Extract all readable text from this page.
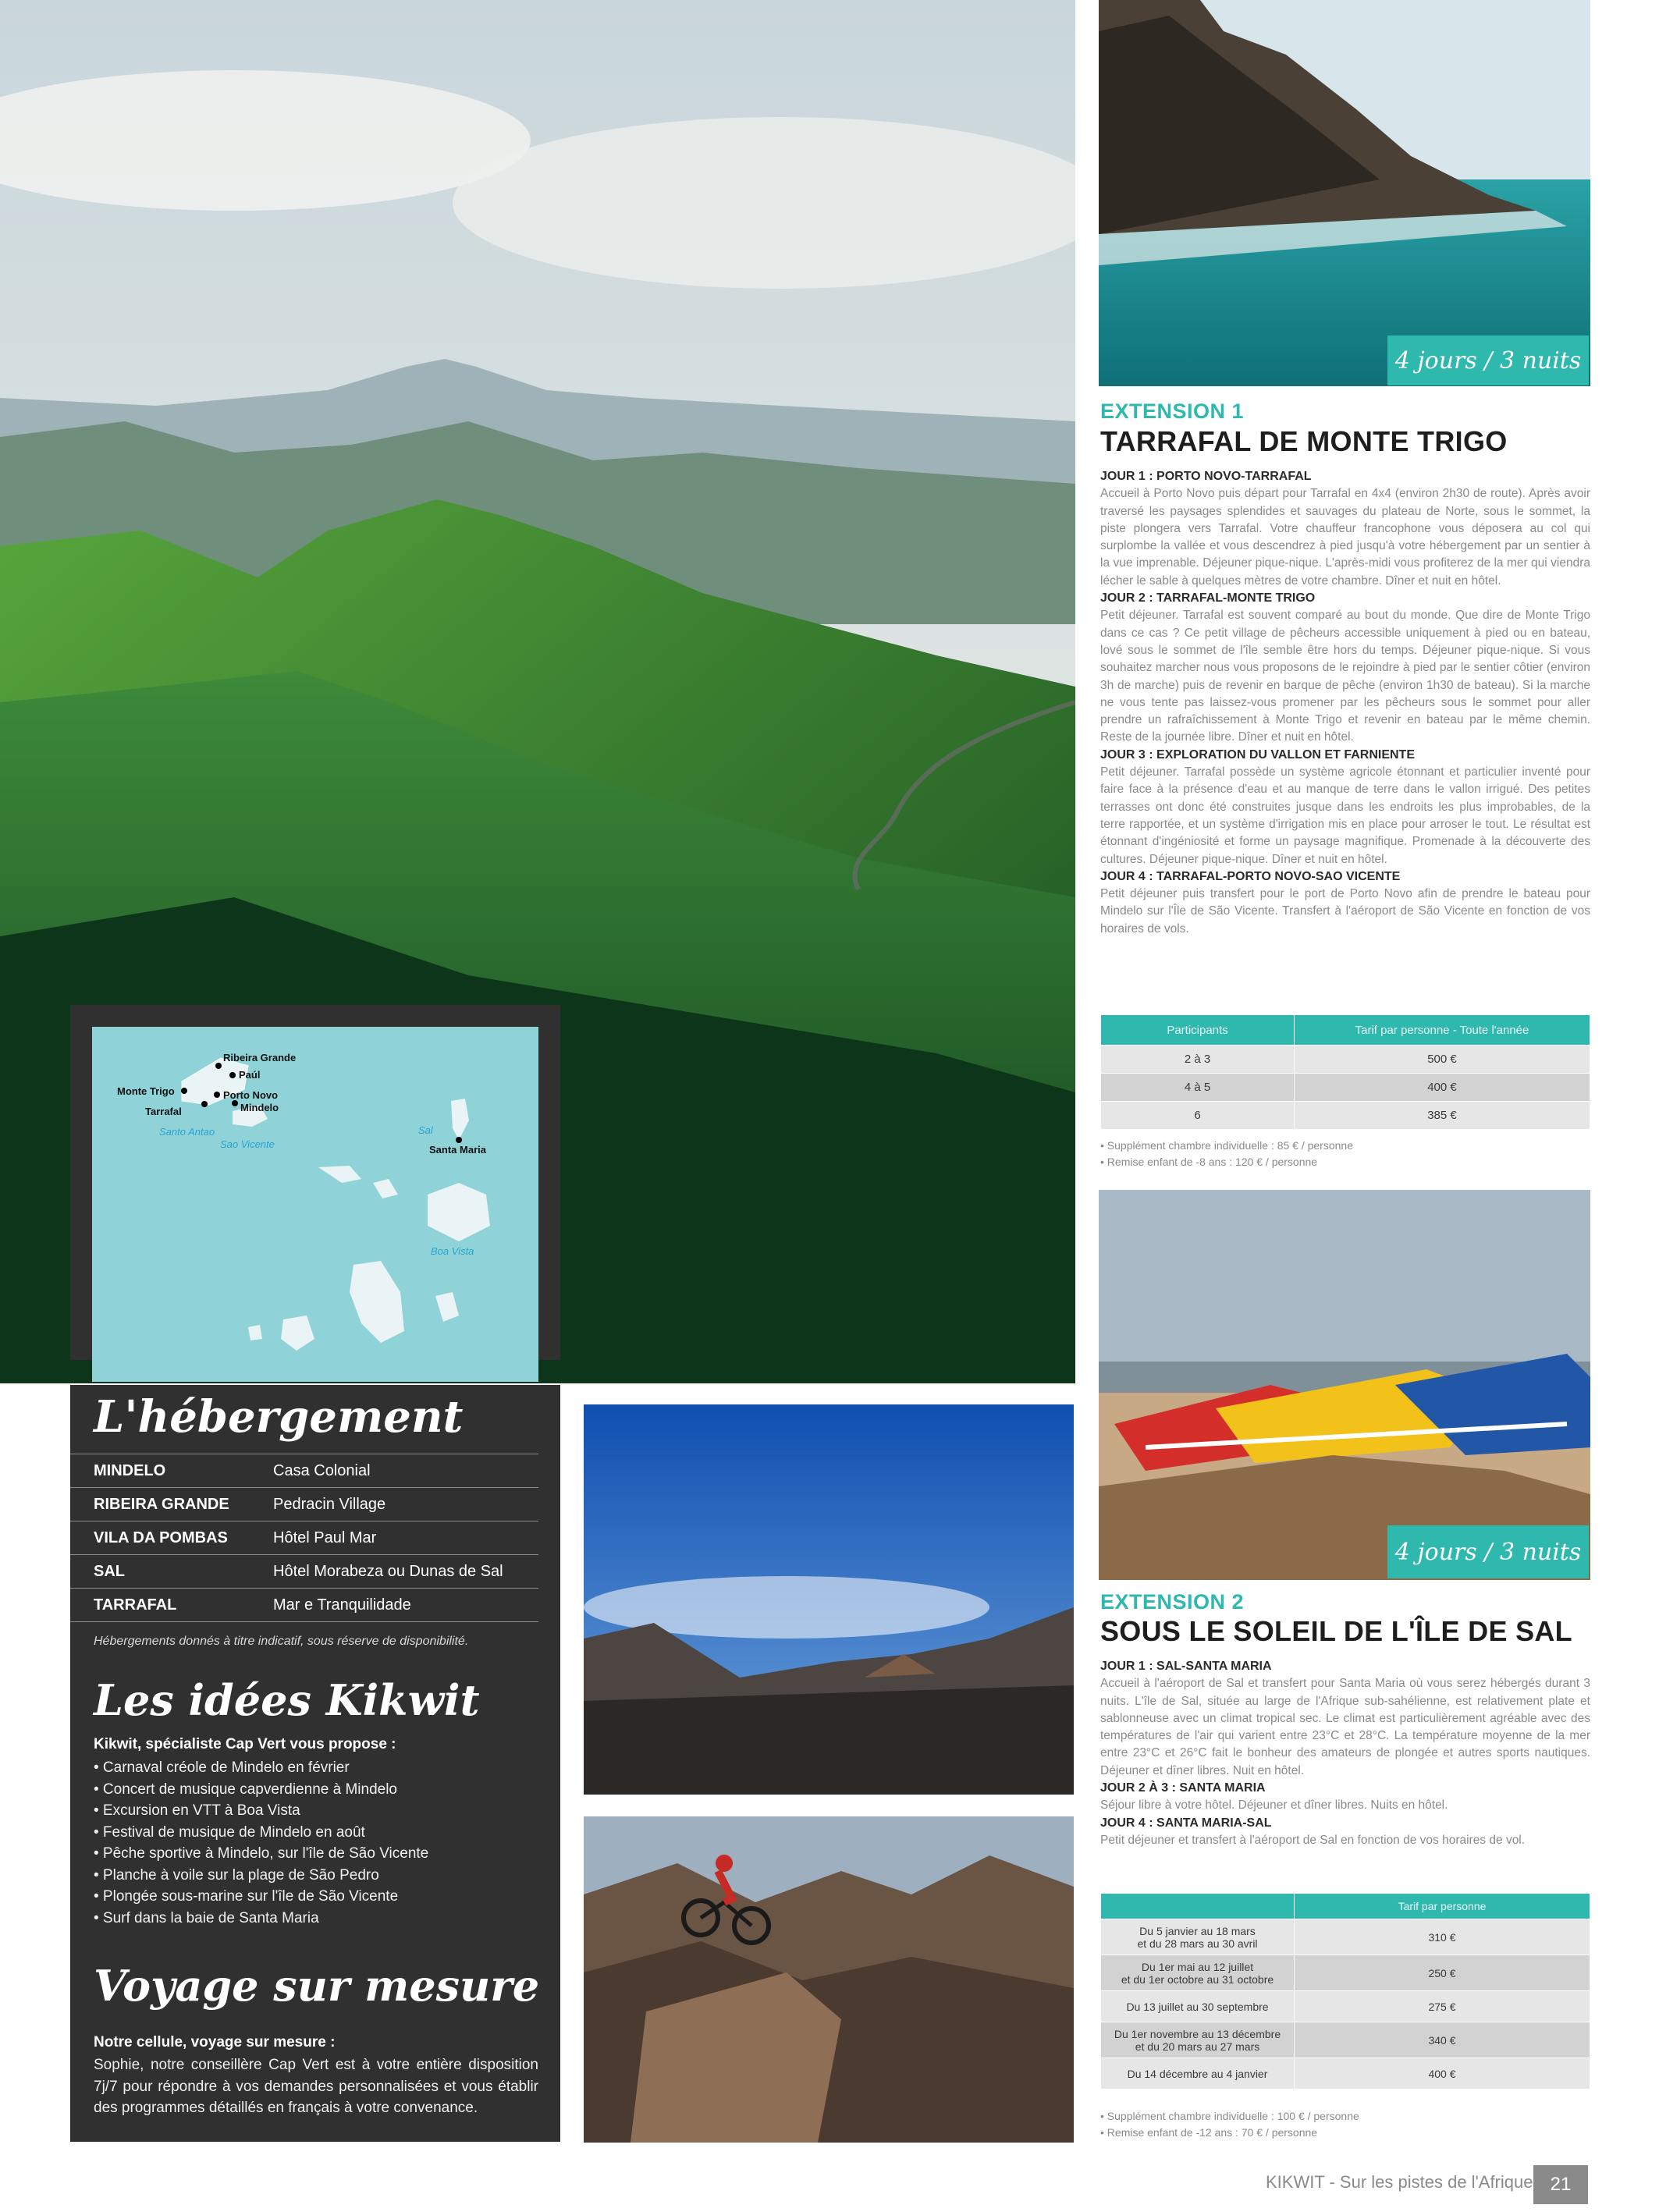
4 jours / 3 nuits
EXTENSION 1
TARRAFAL DE MONTE TRIGO

JOUR 1 : PORTO NOVO-TARRAFAL
Accueil à Porto Novo puis départ pour Tarrafal en 4x4 (environ 2h30 de route). Après avoir traversé les paysages splendides et sauvages du plateau de Norte, sous le sommet, la piste plongera vers Tarrafal. Votre chauffeur francophone vous déposera au col qui surplombe la vallée et vous descendrez à pied jusqu'à votre hébergement par un sentier à la vue imprenable. Déjeuner pique-nique. L'après-midi vous profiterez de la mer qui viendra lécher le sable à quelques mètres de votre chambre. Dîner et nuit en hôtel.

JOUR 2 : TARRAFAL-MONTE TRIGO
Petit déjeuner. Tarrafal est souvent comparé au bout du monde. Que dire de Monte Trigo dans ce cas ? Ce petit village de pêcheurs accessible uniquement à pied ou en bateau, lové sous le sommet de l'île semble être hors du temps. Déjeuner pique-nique. Si vous souhaitez marcher nous vous proposons de le rejoindre à pied par le sentier côtier (environ 3h de marche) puis de revenir en barque de pêche (environ 1h30 de bateau). Si la marche ne vous tente pas laissez-vous promener par les pêcheurs sous le sommet pour aller prendre un rafraîchissement à Monte Trigo et revenir en bateau par le même chemin. Reste de la journée libre. Dîner et nuit en hôtel.

JOUR 3 : EXPLORATION DU VALLON ET FARNIENTE
Petit déjeuner. Tarrafal possède un système agricole étonnant et particulier inventé pour faire face à la présence d'eau et au manque de terre dans le vallon irrigué. Des petites terrasses ont donc été construites jusque dans les endroits les plus improbables, de la terre rapportée, et un système d'irrigation mis en place pour arroser le tout. Le résultat est étonnant d'ingéniosité et forme un paysage magnifique. Promenade à la découverte des cultures. Déjeuner pique-nique. Dîner et nuit en hôtel.

JOUR 4 : TARRAFAL-PORTO NOVO-SAO VICENTE
Petit déjeuner puis transfert pour le port de Porto Novo afin de prendre le bateau pour Mindelo sur l'Île de São Vicente. Transfert à l'aéroport de São Vicente en fonction de vos horaires de vols.

Participants	Tarif par personne - Toute l'année
2 à 3	500 €
4 à 5	400 €
6	385 €
• Supplément chambre individuelle : 85 € / personne
• Remise enfant de -8 ans : 120 € / personne
4 jours / 3 nuits
EXTENSION 2
SOUS LE SOLEIL DE L'ÎLE DE SAL

JOUR 1 : SAL-SANTA MARIA
Accueil à l'aéroport de Sal et transfert pour Santa Maria où vous serez hébergés durant 3 nuits. L'île de Sal, située au large de l'Afrique sub-sahélienne, est relativement plate et sablonneuse avec un climat tropical sec. Le climat est particulièrement agréable avec des températures de l'air qui varient entre 23°C et 28°C. La température moyenne de la mer entre 23°C et 26°C fait le bonheur des amateurs de plongée et autres sports nautiques. Déjeuner et dîner libres. Nuit en hôtel.

JOUR 2 À 3 : SANTA MARIA
Séjour libre à votre hôtel. Déjeuner et dîner libres. Nuits en hôtel.

JOUR 4 : SANTA MARIA-SAL
Petit déjeuner et transfert à l'aéroport de Sal en fonction de vos horaires de vol.

	Tarif par personne

Du 5 janvier au 18 mars
et du 28 mars au 30 avril	310 €

Du 1er mai au 12 juillet
et du 1er octobre au 31 octobre	250 €
Du 13 juillet au 30 septembre	275 €

Du 1er novembre au 13 décembre
et du 20 mars au 27 mars	340 €
Du 14 décembre au 4 janvier	400 €
• Supplément chambre individuelle : 100 € / personne
• Remise enfant de -12 ans : 70 € / personne
Ribeira Grande
Paúl
Monte Trigo	Porto Novo
Mindelo
Tarrafal
Santa Maria
Santo Antao
Sao Vicente
Sal
Boa Vista
L'hébergement
MINDELO	Casa Colonial
RIBEIRA GRANDE	Pedracin Village
VILA DA POMBAS	Hôtel Paul Mar
SAL	Hôtel Morabeza ou Dunas de Sal
TARRAFAL	Mar e Tranquilidade
Hébergements donnés à titre indicatif, sous réserve de disponibilité.
Les idées Kikwit
Kikwit, spécialiste Cap Vert vous propose :
• Carnaval créole de Mindelo en février
• Concert de musique capverdienne à Mindelo
• Excursion en VTT à Boa Vista
• Festival de musique de Mindelo en août
• Pêche sportive à Mindelo, sur l'île de São Vicente
• Planche à voile sur la plage de São Pedro
• Plongée sous-marine sur l'île de São Vicente
• Surf dans la baie de Santa Maria
Voyage sur mesure
Notre cellule, voyage sur mesure :

Sophie, notre conseillère Cap Vert est à votre entière disposition 7j/7 pour répondre à vos demandes personnalisées et vous établir des programmes détaillés en français à votre convenance.

KIKWIT - Sur les pistes de l'Afrique 21
